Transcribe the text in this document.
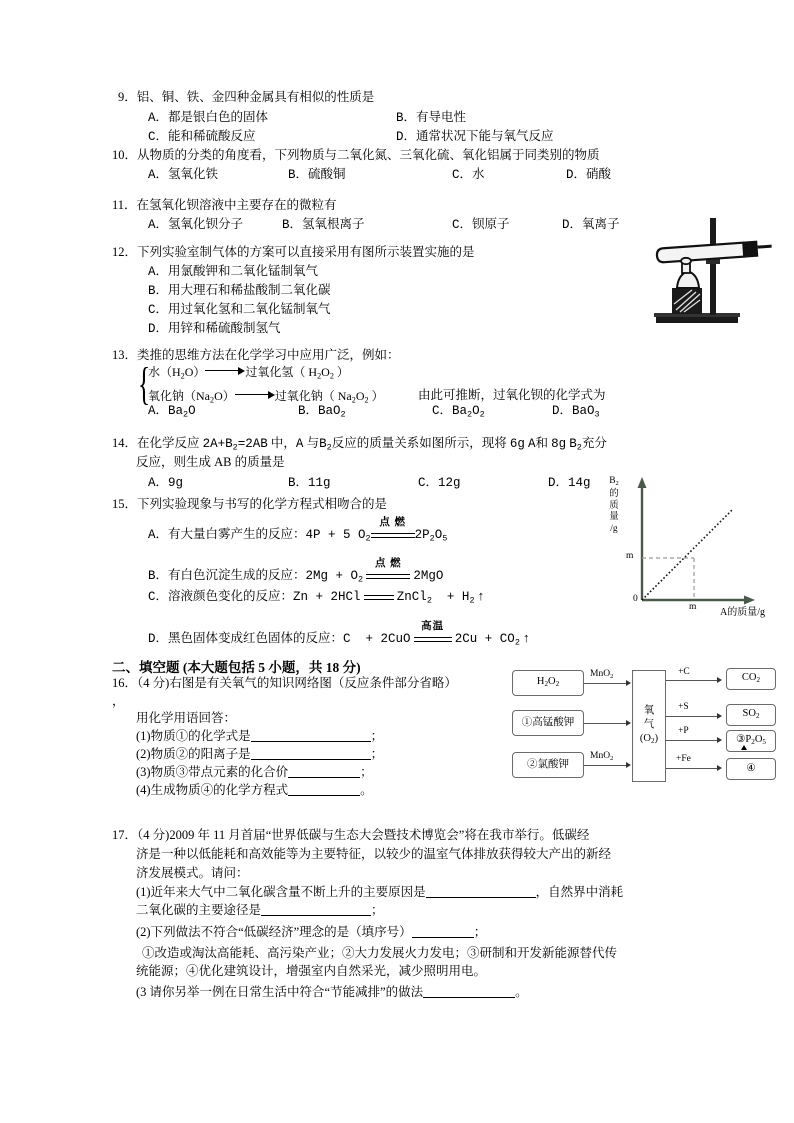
9．铝、铜、铁、金四种金属具有相似的性质是
A．都是银白色的固体	B．有导电性
C．能和稀硫酸反应	D．通常状况下能与氧气反应
10．从物质的分类的角度看，下列物质与二氧化氮、三氧化硫、氧化铝属于同类别的物质
A．氢氧化铁	B．硫酸铜	C．水	D．硝酸
11．在氢氧化钡溶液中主要存在的微粒有
A．氢氧化钡分子	B．氢氧根离子	C．钡原子	D．氧离子
12．下列实验室制气体的方案可以直接采用有图所示装置实施的是
A．用氯酸钾和二氧化锰制氧气
B．用大理石和稀盐酸制二氧化碳
C．用过氧化氢和二氧化锰制氧气
D．用锌和稀硫酸制氢气
13．类推的思维方法在化学学习中应用广泛，例如：
{
水$(H_2O)$	过氧化氢（ $H_2O_2$ ）
氧化钠$(Na_2O)$	过氧化钠（ $Na_2O_2$ ）	由此可推断，过氧化钡的化学式为
A．$Ba_2O$	B．BaO$_2$	C．$Ba_2O_2$	D．BaO$_3$
14．在化学反应 $2A+B_2=2AB$ 中，A 与$B_2$反应的质量关系如图所示，现将 6g A和 8g $B_2$充分
反应，则生成 AB 的质量是
A．9g	B．11g	C．12g	D．14g	$B_2$
的
质
量
/g
m
m
0
A的质量/g
15．下列实验现象与书写的化学方程式相吻合的是
A．有大量白雾产生的反应：4P + 5 $O_2$
点 燃
$2P_2O_5$
B．有白色沉淀生成的反应：$2Mg + O_2$
点 燃
2MgO
C．溶液颜色变化的反应：Zn + 2HCl	ZnCl$_2$  + $H_2$ ↑
D．黑色固体变成红色固体的反应：C  + 2CuO
高温
$2Cu + CO_2$ ↑
二、填空题 (本大题包括 5 小题，共 18 分)
16．（4 分)右图是有关氧气的知识网络图（反应条件部分省略）
，
用化学用语回答：
(1)物质①的化学式是	；
(2)物质②的阳离子是	；
(3)物质③带点元素的化合价	；
(4)生成物质④的化学方程式	。
$H_2O_2$
①高锰酸钾
②氯酸钾
MnO$_2$
MnO$_2$
氧
气
$(O_2)$
+C	$CO_2$
+S
$SO_2$
+P
$③P_2O_5$
+Fe
④
17．（4 分)2009 年 11 月首届“世界低碳与生态大会暨技术博览会”将在我市举行。低碳经
济是一种以低能耗和高效能等为主要特征，以较少的温室气体排放获得较大产出的新经
济发展模式。请问：
(1)近年来大气中二氧化碳含量不断上升的主要原因是	，自然界中消耗
二氧化碳的主要途径是	；
(2)下列做法不符合“低碳经济”理念的是（填序号）	；
①改造或淘汰高能耗、高污染产业；②大力发展火力发电；③研制和开发新能源替代传
统能源；④优化建筑设计，增强室内自然采光，减少照明用电。
(3 请你另举一例在日常生活中符合“节能减排”的做法	。
